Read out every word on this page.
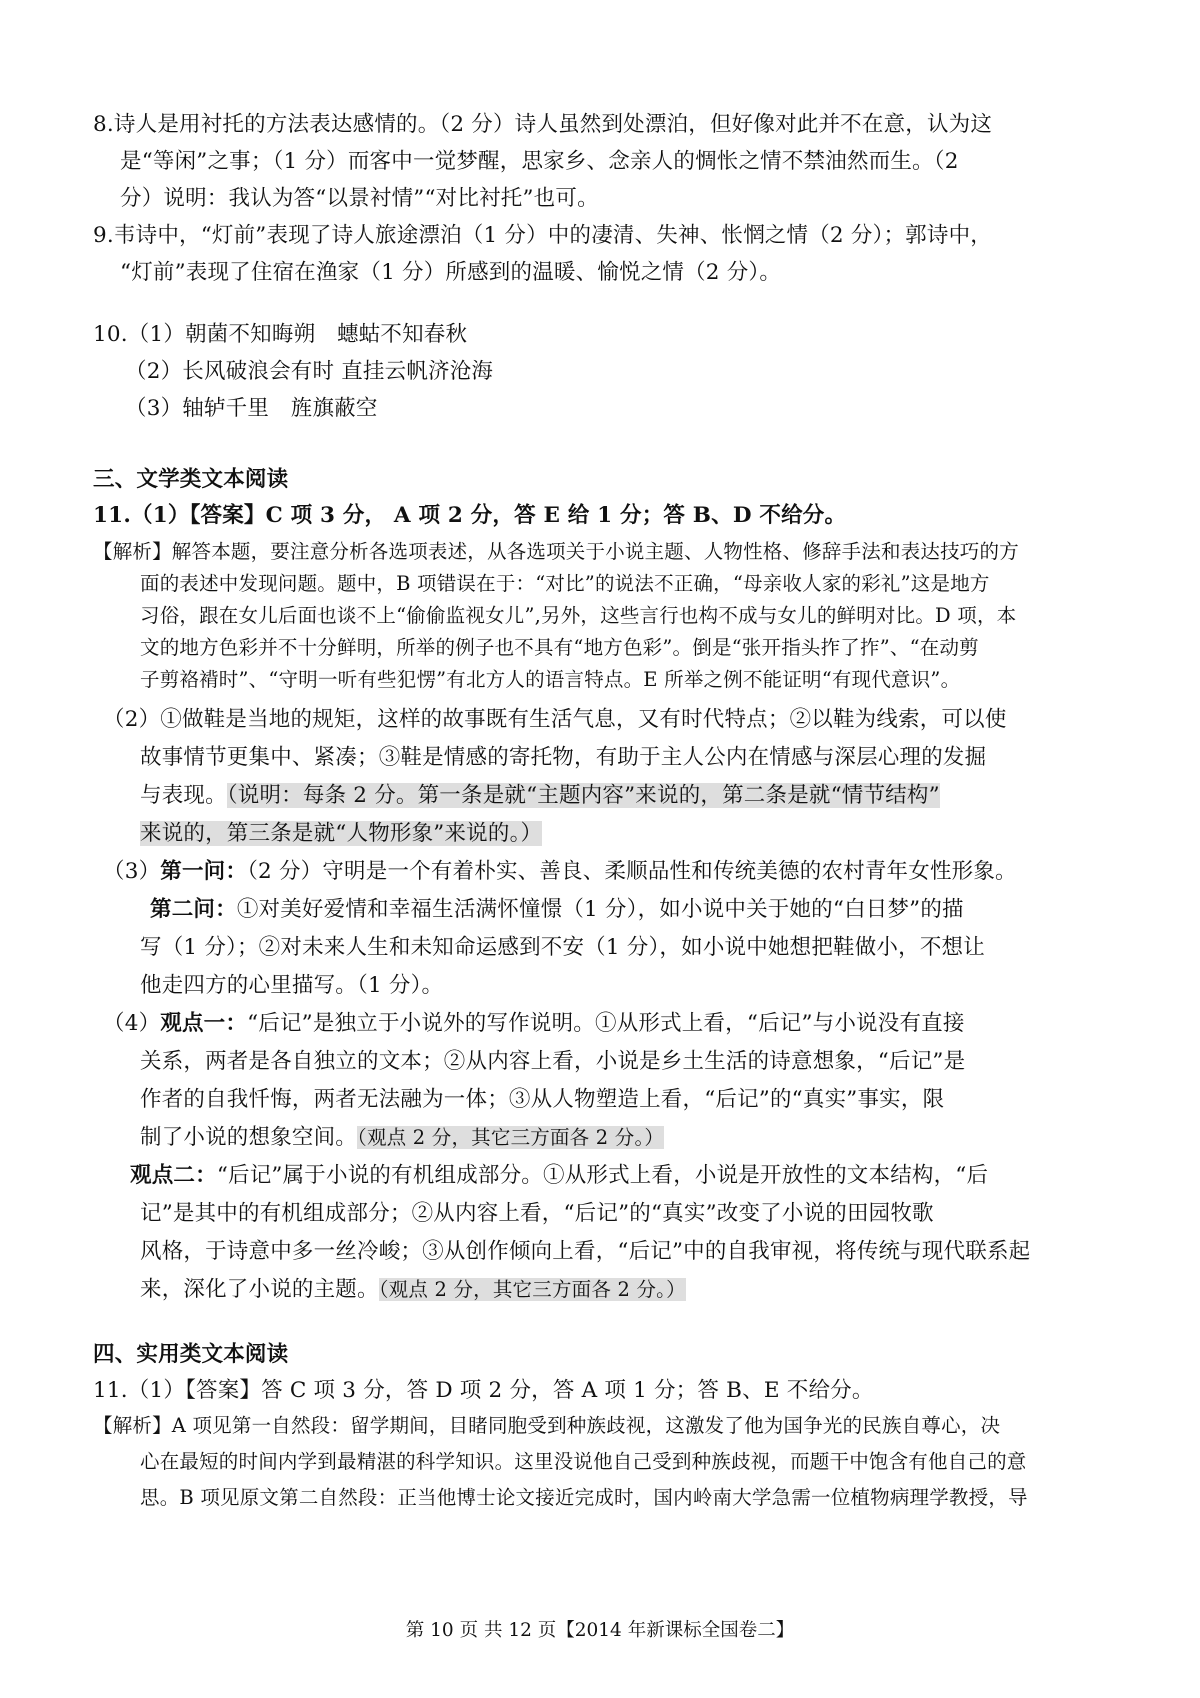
8.诗人是用衬托的方法表达感情的。（2 分）诗人虽然到处漂泊，但好像对此并不在意，认为这
是“等闲”之事；（1 分）而客中一觉梦醒，思家乡、念亲人的惆怅之情不禁油然而生。（2
分）说明：我认为答“以景衬情”“对比衬托”也可。
9.韦诗中，“灯前”表现了诗人旅途漂泊（1 分）中的凄清、失神、怅惘之情（2 分）；郭诗中，
“灯前”表现了住宿在渔家（1 分）所感到的温暖、愉悦之情（2 分）。
10.（1）朝菌不知晦朔　蟪蛄不知春秋
（2）长风破浪会有时 直挂云帆济沧海
（3）轴轳千里　旌旗蔽空
三、文学类文本阅读
11.（1）【答案】C 项 3 分， A 项 2 分，答 E 给 1 分；答 B、D 不给分。
【解析】解答本题，要注意分析各选项表述，从各选项关于小说主题、人物性格、修辞手法和表达技巧的方
面的表述中发现问题。题中，B 项错误在于：“对比”的说法不正确，“母亲收人家的彩礼”这是地方
习俗，跟在女儿后面也谈不上“偷偷监视女儿”,另外，这些言行也构不成与女儿的鲜明对比。D 项，本
文的地方色彩并不十分鲜明，所举的例子也不具有“地方色彩”。倒是“张开指头拃了拃”、“在动剪
子剪袼褙时”、“守明一听有些犯愣”有北方人的语言特点。E 所举之例不能证明“有现代意识”。
（2）①做鞋是当地的规矩，这样的故事既有生活气息，又有时代特点；②以鞋为线索，可以使
故事情节更集中、紧凑；③鞋是情感的寄托物，有助于主人公内在情感与深层心理的发掘
与表现。（说明：每条 2 分。第一条是就“主题内容”来说的，第二条是就“情节结构”
来说的，第三条是就“人物形象”来说的。）
（3）第一问：（2 分）守明是一个有着朴实、善良、柔顺品性和传统美德的农村青年女性形象。
第二问：①对美好爱情和幸福生活满怀憧憬（1 分），如小说中关于她的“白日梦”的描
写（1 分）；②对未来人生和未知命运感到不安（1 分），如小说中她想把鞋做小，不想让
他走四方的心里描写。（1 分）。
（4）观点一：“后记”是独立于小说外的写作说明。①从形式上看，“后记”与小说没有直接
关系，两者是各自独立的文本；②从内容上看，小说是乡土生活的诗意想象，“后记”是
作者的自我忏悔，两者无法融为一体；③从人物塑造上看，“后记”的“真实”事实，限
制了小说的想象空间。（观点 2 分，其它三方面各 2 分。）
观点二：“后记”属于小说的有机组成部分。①从形式上看，小说是开放性的文本结构，“后
记”是其中的有机组成部分；②从内容上看，“后记”的“真实”改变了小说的田园牧歌
风格，于诗意中多一丝冷峻；③从创作倾向上看，“后记”中的自我审视，将传统与现代联系起
来，深化了小说的主题。（观点 2 分，其它三方面各 2 分。）
四、实用类文本阅读
11.（1）【答案】答 C 项 3 分，答 D 项 2 分，答 A 项 1 分；答 B、E 不给分。
【解析】A 项见第一自然段：留学期间，目睹同胞受到种族歧视，这激发了他为国争光的民族自尊心，决
心在最短的时间内学到最精湛的科学知识。这里没说他自己受到种族歧视，而题干中饱含有他自己的意
思。B 项见原文第二自然段：正当他博士论文接近完成时，国内岭南大学急需一位植物病理学教授，导
第 10 页 共 12 页【2014 年新课标全国卷二】
